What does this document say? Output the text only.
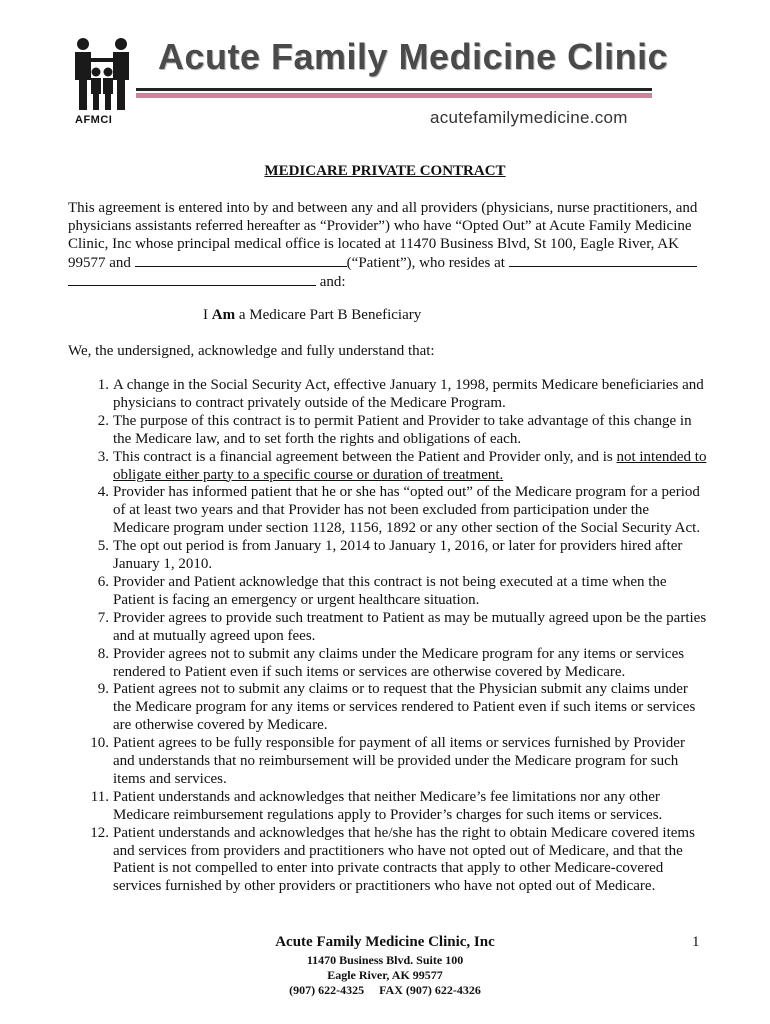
AFMCI
Acute Family Medicine Clinic
acutefamilymedicine.com
MEDICARE PRIVATE CONTRACT
This agreement is entered into by and between any and all providers (physicians, nurse practitioners, and physicians assistants referred hereafter as “Provider”) who have “Opted Out” at Acute Family Medicine Clinic, Inc whose principal medical office is located at 11470 Business Blvd, St 100, Eagle River, AK 99577 and	(“Patient”), who resides at   and:
I Am a Medicare Part B Beneficiary
We, the undersigned, acknowledge and fully understand that:
1. A change in the Social Security Act, effective January 1, 1998, permits Medicare beneficiaries and physicians to contract privately outside of the Medicare Program.
2. The purpose of this contract is to permit Patient and Provider to take advantage of this change in the Medicare law, and to set forth the rights and obligations of each.
3. This contract is a financial agreement between the Patient and Provider only, and is not intended to obligate either party to a specific course or duration of treatment.
4. Provider has informed patient that he or she has “opted out” of the Medicare program for a period of at least two years and that Provider has not been excluded from participation under the Medicare program under section 1128, 1156, 1892 or any other section of the Social Security Act.
5. The opt out period is from January 1, 2014 to January 1, 2016, or later for providers hired after January 1, 2010.
6. Provider and Patient acknowledge that this contract is not being executed at a time when the Patient is facing an emergency or urgent healthcare situation.
7. Provider agrees to provide such treatment to Patient as may be mutually agreed upon be the parties and at mutually agreed upon fees.
8. Provider agrees not to submit any claims under the Medicare program for any items or services rendered to Patient even if such items or services are otherwise covered by Medicare.
9. Patient agrees not to submit any claims or to request that the Physician submit any claims under the Medicare program for any items or services rendered to Patient even if such items or services are otherwise covered by Medicare.
10. Patient agrees to be fully responsible for payment of all items or services furnished by Provider and understands that no reimbursement will be provided under the Medicare program for such items and services.
11. Patient understands and acknowledges that neither Medicare’s fee limitations nor any other Medicare reimbursement regulations apply to Provider’s charges for such items or services.
12. Patient understands and acknowledges that he/she has the right to obtain Medicare covered items and services from providers and practitioners who have not opted out of Medicare, and that the Patient is not compelled to enter into private contracts that apply to other Medicare-covered services furnished by other providers or practitioners who have not opted out of Medicare.
Acute Family Medicine Clinic, Inc	1
11470 Business Blvd. Suite 100
Eagle River, AK 99577
(907) 622-4325 FAX (907) 622-4326
